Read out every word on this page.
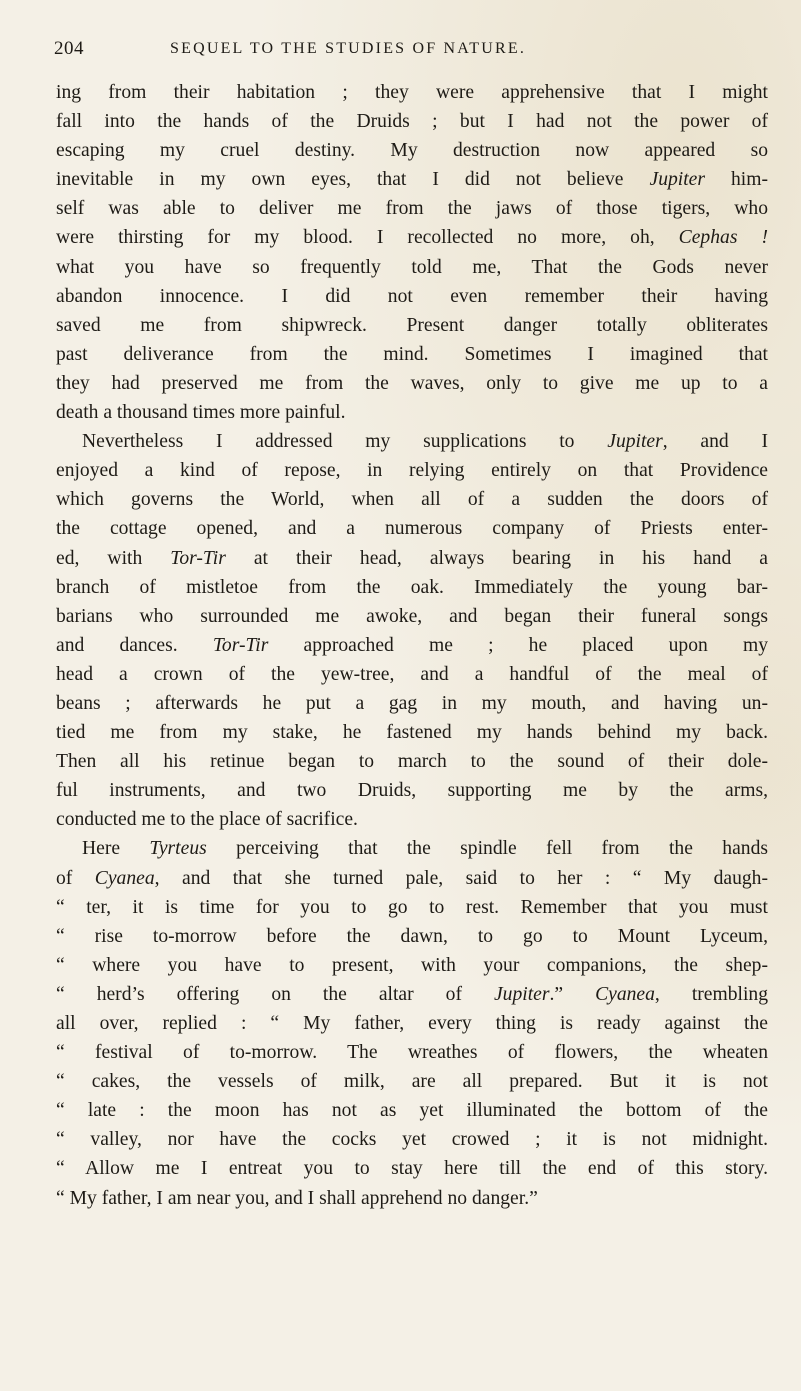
204	SEQUEL TO THE STUDIES OF NATURE.
ing from their habitation ; they were apprehensive that I might
fall into the hands of the Druids ; but I had not the power of
escaping my cruel destiny. My destruction now appeared so
inevitable in my own eyes, that I did not believe Jupiter him-
self was able to deliver me from the jaws of those tigers, who
were thirsting for my blood. I recollected no more, oh, Cephas !
what you have so frequently told me, That the Gods never
abandon innocence. I did not even remember their having
saved me from shipwreck. Present danger totally obliterates
past deliverance from the mind. Sometimes I imagined that
they had preserved me from the waves, only to give me up to a
death a thousand times more painful.
Nevertheless I addressed my supplications to Jupiter, and I
enjoyed a kind of repose, in relying entirely on that Providence
which governs the World, when all of a sudden the doors of
the cottage opened, and a numerous company of Priests enter-
ed, with Tor-Tir at their head, always bearing in his hand a
branch of mistletoe from the oak. Immediately the young bar-
barians who surrounded me awoke, and began their funeral songs
and dances. Tor-Tir approached me ; he placed upon my
head a crown of the yew-tree, and a handful of the meal of
beans ; afterwards he put a gag in my mouth, and having un-
tied me from my stake, he fastened my hands behind my back.
Then all his retinue began to march to the sound of their dole-
ful instruments, and two Druids, supporting me by the arms,
conducted me to the place of sacrifice.
Here Tyrteus perceiving that the spindle fell from the hands
of Cyanea, and that she turned pale, said to her : “ My daugh-
“ ter, it is time for you to go to rest. Remember that you must
“ rise to-morrow before the dawn, to go to Mount Lyceum,
“ where you have to present, with your companions, the shep-
“ herd’s offering on the altar of Jupiter.” Cyanea, trembling
all over, replied : “ My father, every thing is ready against the
“ festival of to-morrow. The wreathes of flowers, the wheaten
“ cakes, the vessels of milk, are all prepared. But it is not
“ late : the moon has not as yet illuminated the bottom of the
“ valley, nor have the cocks yet crowed ; it is not midnight.
“ Allow me I entreat you to stay here till the end of this story.
“ My father, I am near you, and I shall apprehend no danger.”
